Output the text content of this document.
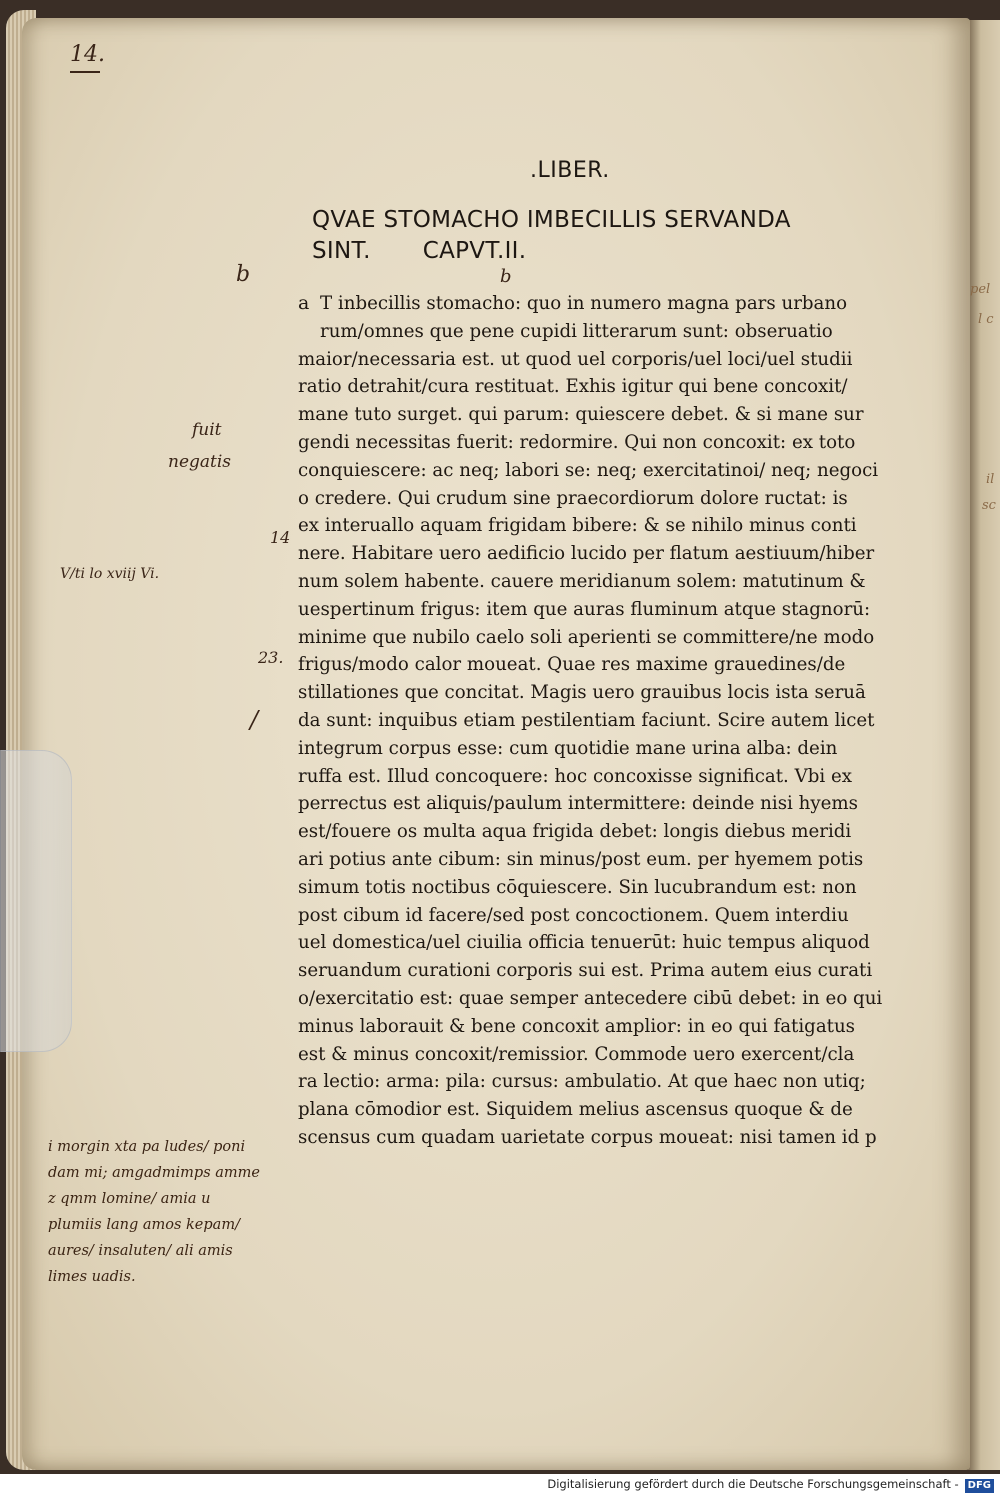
pel
l c
il
sc
14.
.LIBER.
QVAE STOMACHO IMBECILLIS SERVANDA
SINT. CAPVT.II.
b	b
a T inbecillis stomacho: quo in numero magna pars urbano
rum/omnes que pene cupidi litterarum sunt: obseruatio
maior/necessaria est. ut quod uel corporis/uel loci/uel studii
ratio detrahit/cura restituat. Exhis igitur qui bene concoxit/
mane tuto surget. qui parum: quiescere debet. & si mane sur
gendi necessitas fuerit: redormire. Qui non concoxit: ex toto
conquiescere: ac neq; labori se: neq; exercitatinoi/ neq; negoci
o credere. Qui crudum sine praecordiorum dolore ructat: is
ex interuallo aquam frigidam bibere: & se nihilo minus conti
nere. Habitare uero aedificio lucido per flatum aestiuum/hiber
num solem habente. cauere meridianum solem: matutinum &
uespertinum frigus: item que auras fluminum atque stagnorū:
minime que nubilo caelo soli aperienti se committere/ne modo
frigus/modo calor moueat. Quae res maxime grauedines/de
stillationes que concitat. Magis uero grauibus locis ista seruā
da sunt: inquibus etiam pestilentiam faciunt. Scire autem licet
integrum corpus esse: cum quotidie mane urina alba: dein
ruffa est. Illud concoquere: hoc concoxisse significat. Vbi ex
perrectus est aliquis/paulum intermittere: deinde nisi hyems
est/fouere os multa aqua frigida debet: longis diebus meridi
ari potius ante cibum: sin minus/post eum. per hyemem potis
simum totis noctibus cōquiescere. Sin lucubrandum est: non
post cibum id facere/sed post concoctionem. Quem interdiu
uel domestica/uel ciuilia officia tenuerūt: huic tempus aliquod
seruandum curationi corporis sui est. Prima autem eius curati
o/exercitatio est: quae semper antecedere cibū debet: in eo qui
minus laborauit & bene concoxit amplior: in eo qui fatigatus
est & minus concoxit/remissior. Commode uero exercent/cla
ra lectio: arma: pila: cursus: ambulatio. At que haec non utiq;
plana cōmodior est. Siquidem melius ascensus quoque & de
scensus cum quadam uarietate corpus moueat: nisi tamen id p
fuit
negatis
14
V/ti lo xviij Vi.
23.
/
i morgin xta pa ludes/ poni
dam mi; amgadmimps amme
z qmm lomine/ amia u
plumiis lang amos kepam/
aures/ insaluten/ ali amis
limes uadis.
Digitalisierung gefördert durch die Deutsche Forschungsgemeinschaft - DFG
